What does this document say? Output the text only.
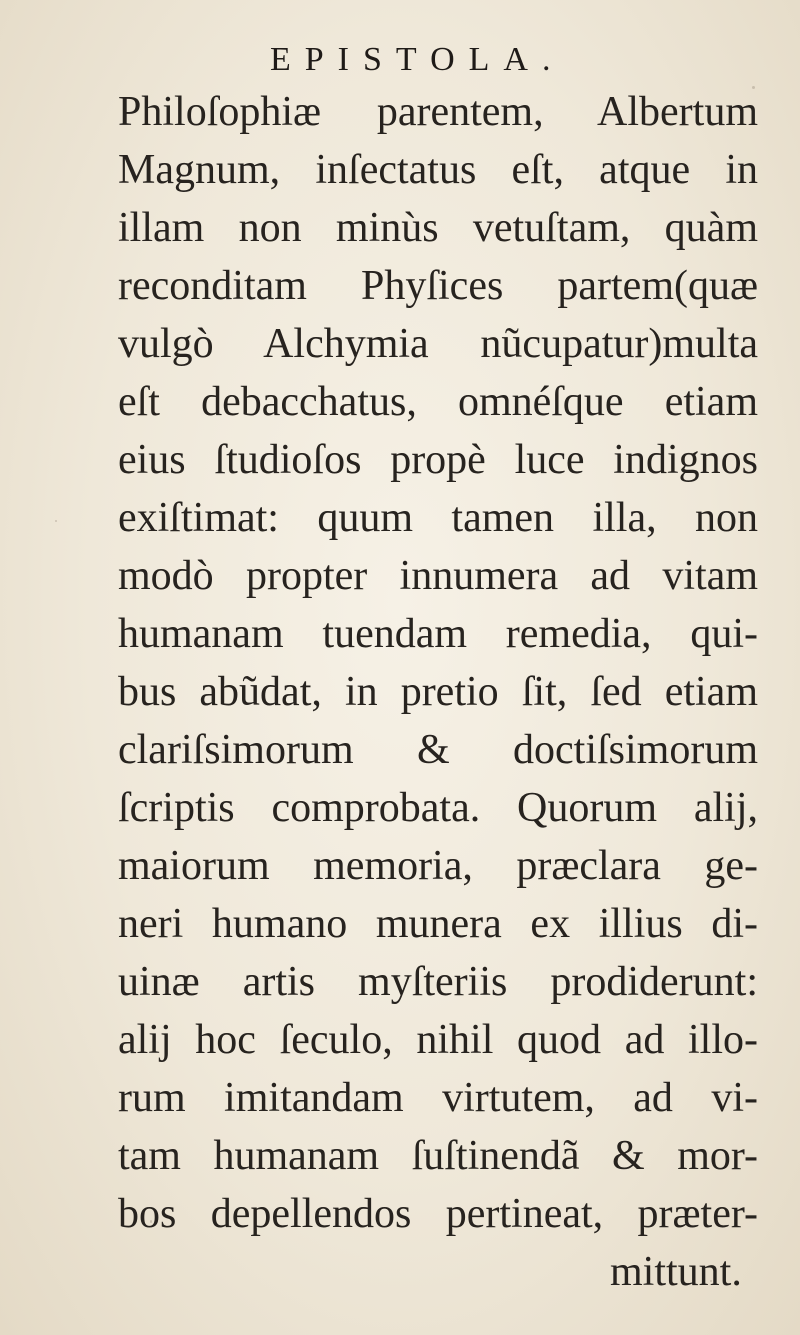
EPISTOLA.
Philoſophiæ parentem, Albertum
Magnum, inſectatus eſt, atque in
illam non minùs vetuſtam, quàm
reconditam Phyſices partem(quæ
vulgò Alchymia nũcupatur)multa
eſt debacchatus, omnéſque etiam
eius ſtudioſos propè luce indignos
exiſtimat: quum tamen illa, non
modò propter innumera ad vitam
humanam tuendam remedia, qui-
bus abũdat, in pretio ſit, ſed etiam
clariſsimorum & doctiſsimorum
ſcriptis comprobata. Quorum alij,
maiorum memoria, præclara ge-
neri humano munera ex illius di-
uinæ artis myſteriis prodiderunt:
alij hoc ſeculo, nihil quod ad illo-
rum imitandam virtutem, ad vi-
tam humanam ſuſtinendã & mor-
bos depellendos pertineat, præter-
mittunt.
